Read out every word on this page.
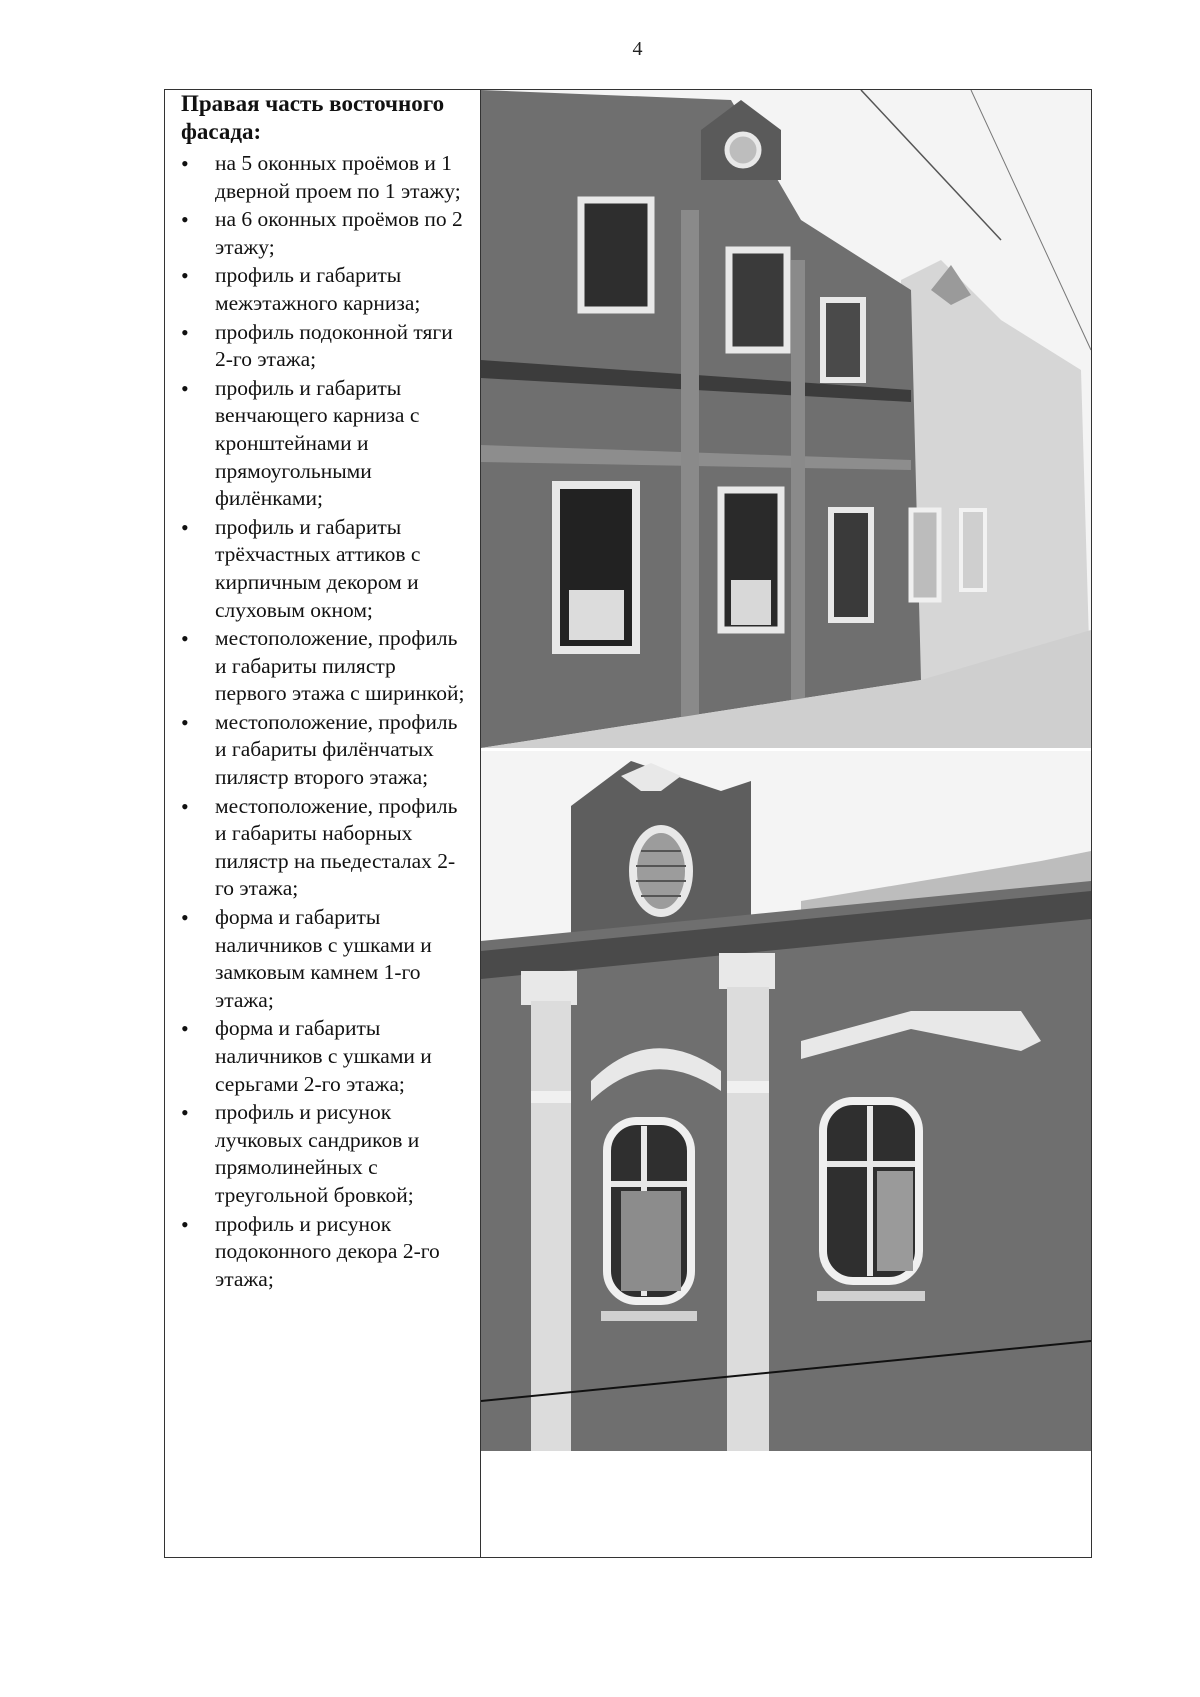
4
Правая часть восточного фасада:
• на 5 оконных проёмов и 1 дверной проем по 1 этажу;
• на 6 оконных проёмов по 2 этажу;
• профиль и габариты межэтажного карниза;
• профиль подоконной тяги 2-го этажа;
• профиль и габариты венчающего карниза с кронштейнами и прямоугольными филёнками;
• профиль и габариты трёхчастных аттиков с кирпичным декором и слуховым окном;
• местоположение, профиль и габариты пилястр первого этажа с ширинкой;
• местоположение, профиль и габариты филёнчатых пилястр второго этажа;
• местоположение, профиль и габариты наборных пилястр на пьедесталах 2-го этажа;
• форма и габариты наличников с ушками и замковым камнем 1-го этажа;
• форма и габариты наличников с ушками и серьгами 2-го этажа;
• профиль и рисунок лучковых сандриков и прямолинейных с треугольной бровкой;
• профиль и рисунок подоконного декора 2-го этажа;
